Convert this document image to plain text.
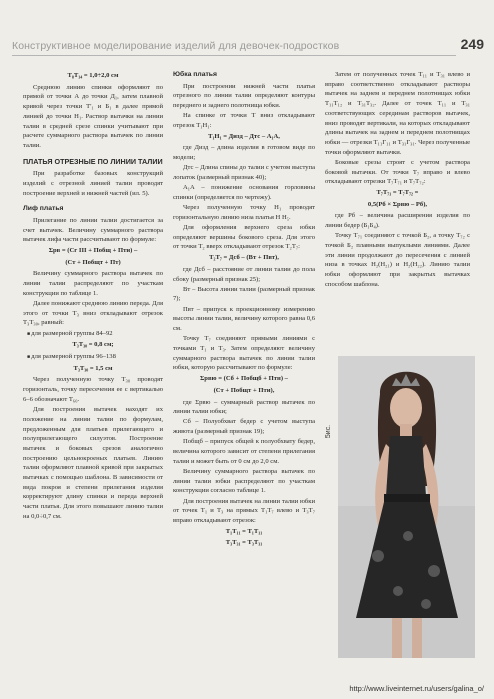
Конструктивное моделирование изделий для девочек-подростков	249

Т₈Т₁₄ = 1,0÷2,0 см

Среднюю линию спинки оформляют по прямой от точки А до точки Д₁, затем плавной кривой через точки Т'₁ и Б₁ в далее прямой линией до точки Н₁. Раствор вытачки на линии талии в средней срезе спинки учитывают при расчете суммарного раствора вытачек по линии талии.

ПЛАТЬЯ ОТРЕЗНЫЕ ПО ЛИНИИ ТАЛИИ

При разработке базовых конструкций изделий с отрезной линией талии проводят построение верхней и нижней частей (ил. 5).

Лиф платья

Прилегание по линии талии достигается за счет вытачек. Величину суммарного раствора вытачек лифа части рассчитывают по формуле:

Σрв = (Сг III + Пoбщ + Пти) –

(Ст + Побщт + Пт)

Величину суммарного раствора вытачек по линии талии распределяют по участкам конструкции по таблице 1.

Далее понижают среднюю линию переда. Для этого от точки Т₃ вниз откладывают отрезок Т₃Т₃₀, равный:

■ для размерной группы 84–92

Т₃Т₃₀ = 0,8 см;

■ для размерной группы 96–138

Т₃Т₃₀ = 1,5 см

Через полученную точку Т₃₀ проводят горизонталь, точку пересечения ее с вертикалью 6–6 обозначают Т₆₀.

Для построения вытачек находят их положение на линии талии по формулам, предложенным для платьев прилегающего и полуприлегающего силуэтов. Построение вытачек и боковых срезов аналогично построению цельнокроеных платьев. Линию талии оформляют плавной кривой при закрытых вытачках с помощью шаблона. В зависимости от вида покроя и степени прилегания изделия корректируют длину спинки и переда верхней части платья. Для этого повышают линию талии на 0,0÷0,7 см.

Юбка платья

При построении нижней части платья отрезного по линии талии определяют контуры переднего и заднего полотнища юбки.

На спинке от точки Т вниз откладывают отрезок Т₁Н₁:

Т₁Н₁ = Дизд – Дтс – А₁А,

где Дизд – длина изделия в готовом виде по модели;

Дтс – Длина спины до талии с учетом выступа лопаток (размерный признак 40);

А₁А – понижение основания горловины спинки (определяется по чертежу).

Через полученную точку Н₁ проводят горизонтальную линию низа платья Н Н₅.

Для оформления верхнего среза юбки определяют вершины бокового среза. Для этого от точки Т₂ вверх откладывают отрезок Т₂Т₇:

Т₂Т₇ = Дсб – (Вт + Пвт),

где Дсб – расстояние от линии талии до пола сбоку (размерный признак 25);

Вт – Высота линии талии (размерный признак 7);

Пвт – припуск к проекционному измерению высоты линии талии, величину которого равна 0,6 см.

Точку Т₇ соединяют прямыми линиями с точками Т₁ и Т₃. Затем определяют величину суммарного раствора вытачек по линии талии юбки, которую рассчитывают по формуле:

Σрвю = (Сб + Побщб + Птн) –

(Ст + Побщт + Пти),

где Σрвю – суммарный раствор вытачек по линии талии юбки;

Сб – Полуобхват бедер с учетом выступа живота (размерный признак 19);

Побщб – припуск общей к полуобхвату бедер, величина которого зависит от степени прилегания талии и может быть от 0 см до 2,0 см.

Величину суммарного раствора вытачек по линии талии юбки распределяют по участкам конструкции согласно таблице 1.

Для построения вытачек на линии талии юбки от точек Т₁ и Т₃ на прямых Т₁Т₇ влево и Т₃Т₇ вправо откладывают отрезок:

Т₁Т₁₁ = Т₁Т₁₁

Т₃Т₃₁ = Т₃Т₃₁

Затем от полученных точек Т₁₁ и Т₃₁ влево и вправо соответственно откладывают растворы вытачек на заднем и переднем полотнищах юбки Т₁₁Т₁₂ и Т₃₁Т₃₂. Далее от точек Т₁₁ и Т₃₁ соответствующих серединам растворов вытачек, вниз проводят вертикали, на которых откладывают длины вытачек на заднем и переднем полотнищах юбки — отрезки Т₁₁Г₁₁ и Т₃₁Г₃₁. Через полученные точки оформляют вытачки.

Боковые срезы строят с учетом раствора боковой вытачки. От точки Т₇ вправо и влево откладывают отрезки Т₇Т₇₁ и Т₇Т₇₂:

Т₇Т₇₁ = Т₇Т₇₂ =

0,5(Рб × Σрвю – Рб),

где Рб – величина расширения изделия по линии бедер (Б₁Б₄).

Точку Т₇₁ соединяют с точкой Б₂, а точку Т₇₂ с точкой Б₂ плавными выпуклыми линиями. Далее эти линии продолжают до пересечения с линией низа в точках Н₂(Н₂₁) и Н₂(Н₂₂). Линию талии юбки оформляют при закрытых вытачках способом шаблона.

5ис.
http://www.liveinternet.ru/users/galina_o/
